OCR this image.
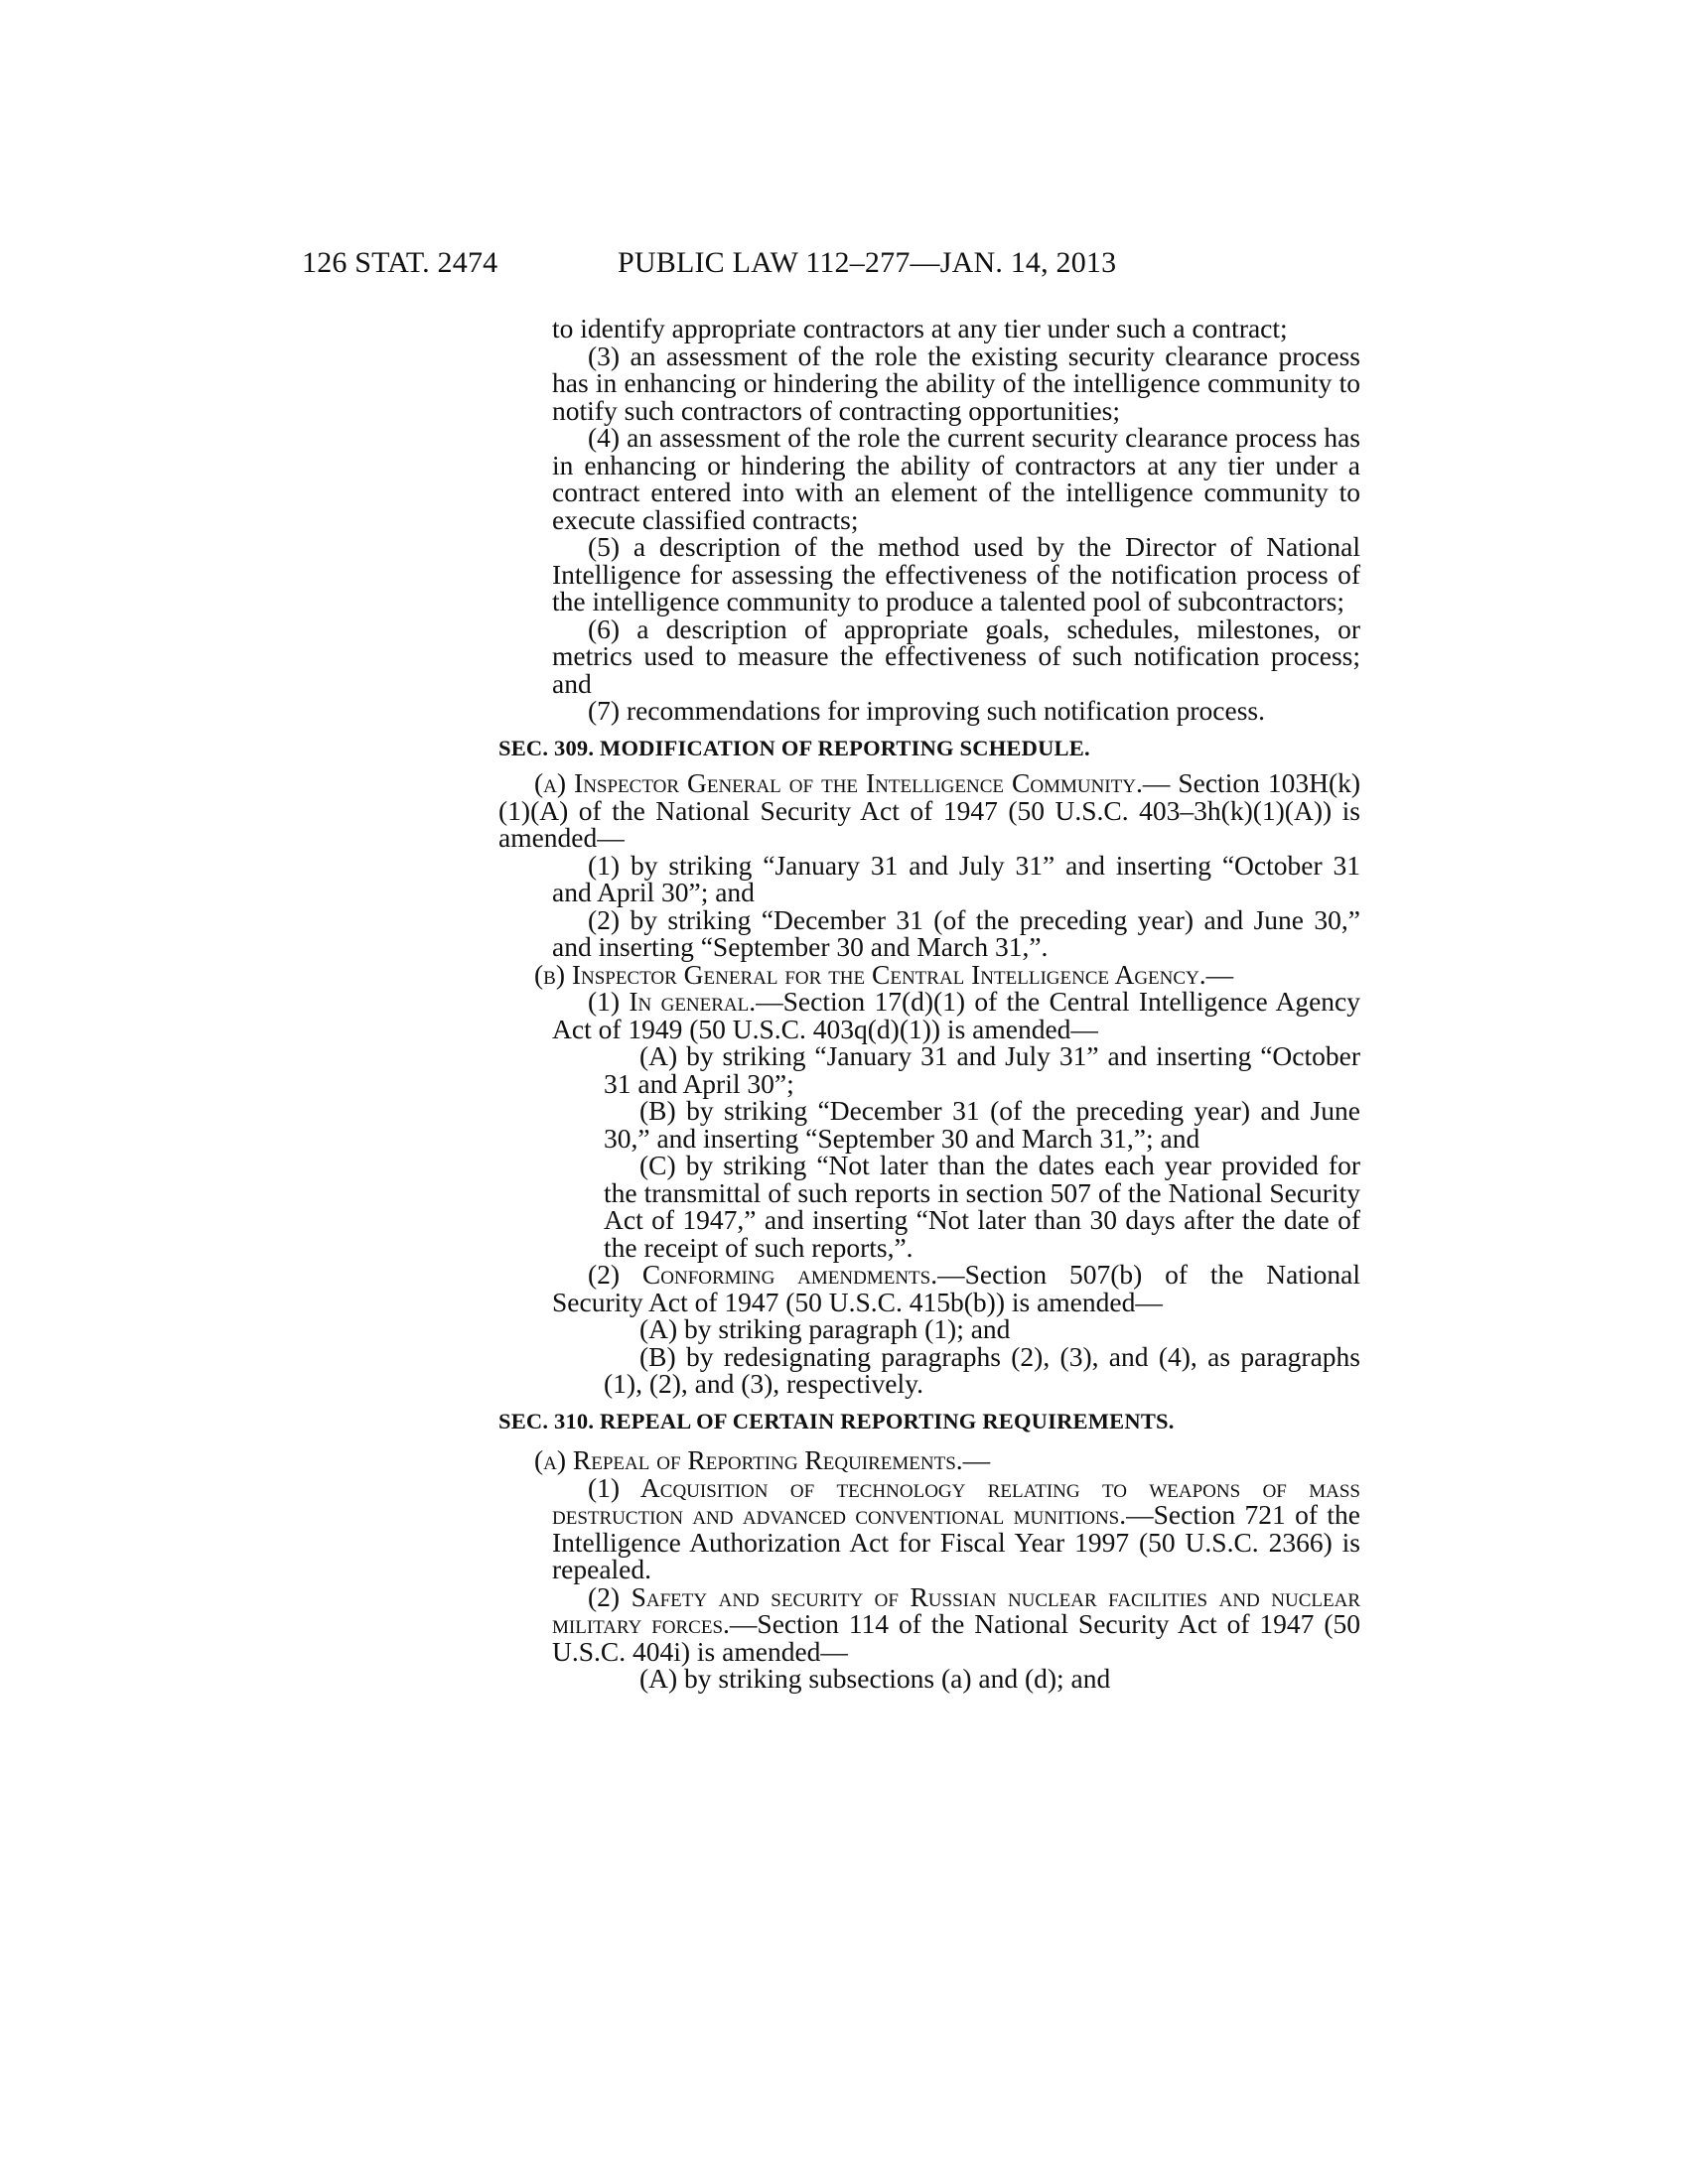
126 STAT. 2474	PUBLIC LAW 112–277—JAN. 14, 2013

to identify appropriate contractors at any tier under such a contract;

(3) an assessment of the role the existing security clearance process has in enhancing or hindering the ability of the intelligence community to notify such contractors of contracting opportunities;

(4) an assessment of the role the current security clearance process has in enhancing or hindering the ability of contractors at any tier under a contract entered into with an element of the intelligence community to execute classified contracts;

(5) a description of the method used by the Director of National Intelligence for assessing the effectiveness of the notification process of the intelligence community to produce a talented pool of subcontractors;

(6) a description of appropriate goals, schedules, milestones, or metrics used to measure the effectiveness of such notification process; and

(7) recommendations for improving such notification process.

SEC. 309. MODIFICATION OF REPORTING SCHEDULE.

(a) Inspector General of the Intelligence Community.— Section 103H(k)(1)(A) of the National Security Act of 1947 (50 U.S.C. 403–3h(k)(1)(A)) is amended—

(1) by striking “January 31 and July 31” and inserting “October 31 and April 30”; and

(2) by striking “December 31 (of the preceding year) and June 30,” and inserting “September 30 and March 31,”.

(b) Inspector General for the Central Intelligence Agency.—

(1) In general.—Section 17(d)(1) of the Central Intelligence Agency Act of 1949 (50 U.S.C. 403q(d)(1)) is amended—

(A) by striking “January 31 and July 31” and inserting “October 31 and April 30”;

(B) by striking “December 31 (of the preceding year) and June 30,” and inserting “September 30 and March 31,”; and

(C) by striking “Not later than the dates each year provided for the transmittal of such reports in section 507 of the National Security Act of 1947,” and inserting “Not later than 30 days after the date of the receipt of such reports,”.

(2) Conforming amendments.—Section 507(b) of the National Security Act of 1947 (50 U.S.C. 415b(b)) is amended—

(A) by striking paragraph (1); and

(B) by redesignating paragraphs (2), (3), and (4), as paragraphs (1), (2), and (3), respectively.

SEC. 310. REPEAL OF CERTAIN REPORTING REQUIREMENTS.

(a) Repeal of Reporting Requirements.—

(1) Acquisition of technology relating to weapons of mass destruction and advanced conventional munitions.—Section 721 of the Intelligence Authorization Act for Fiscal Year 1997 (50 U.S.C. 2366) is repealed.

(2) Safety and security of Russian nuclear facilities and nuclear military forces.—Section 114 of the National Security Act of 1947 (50 U.S.C. 404i) is amended—

(A) by striking subsections (a) and (d); and
